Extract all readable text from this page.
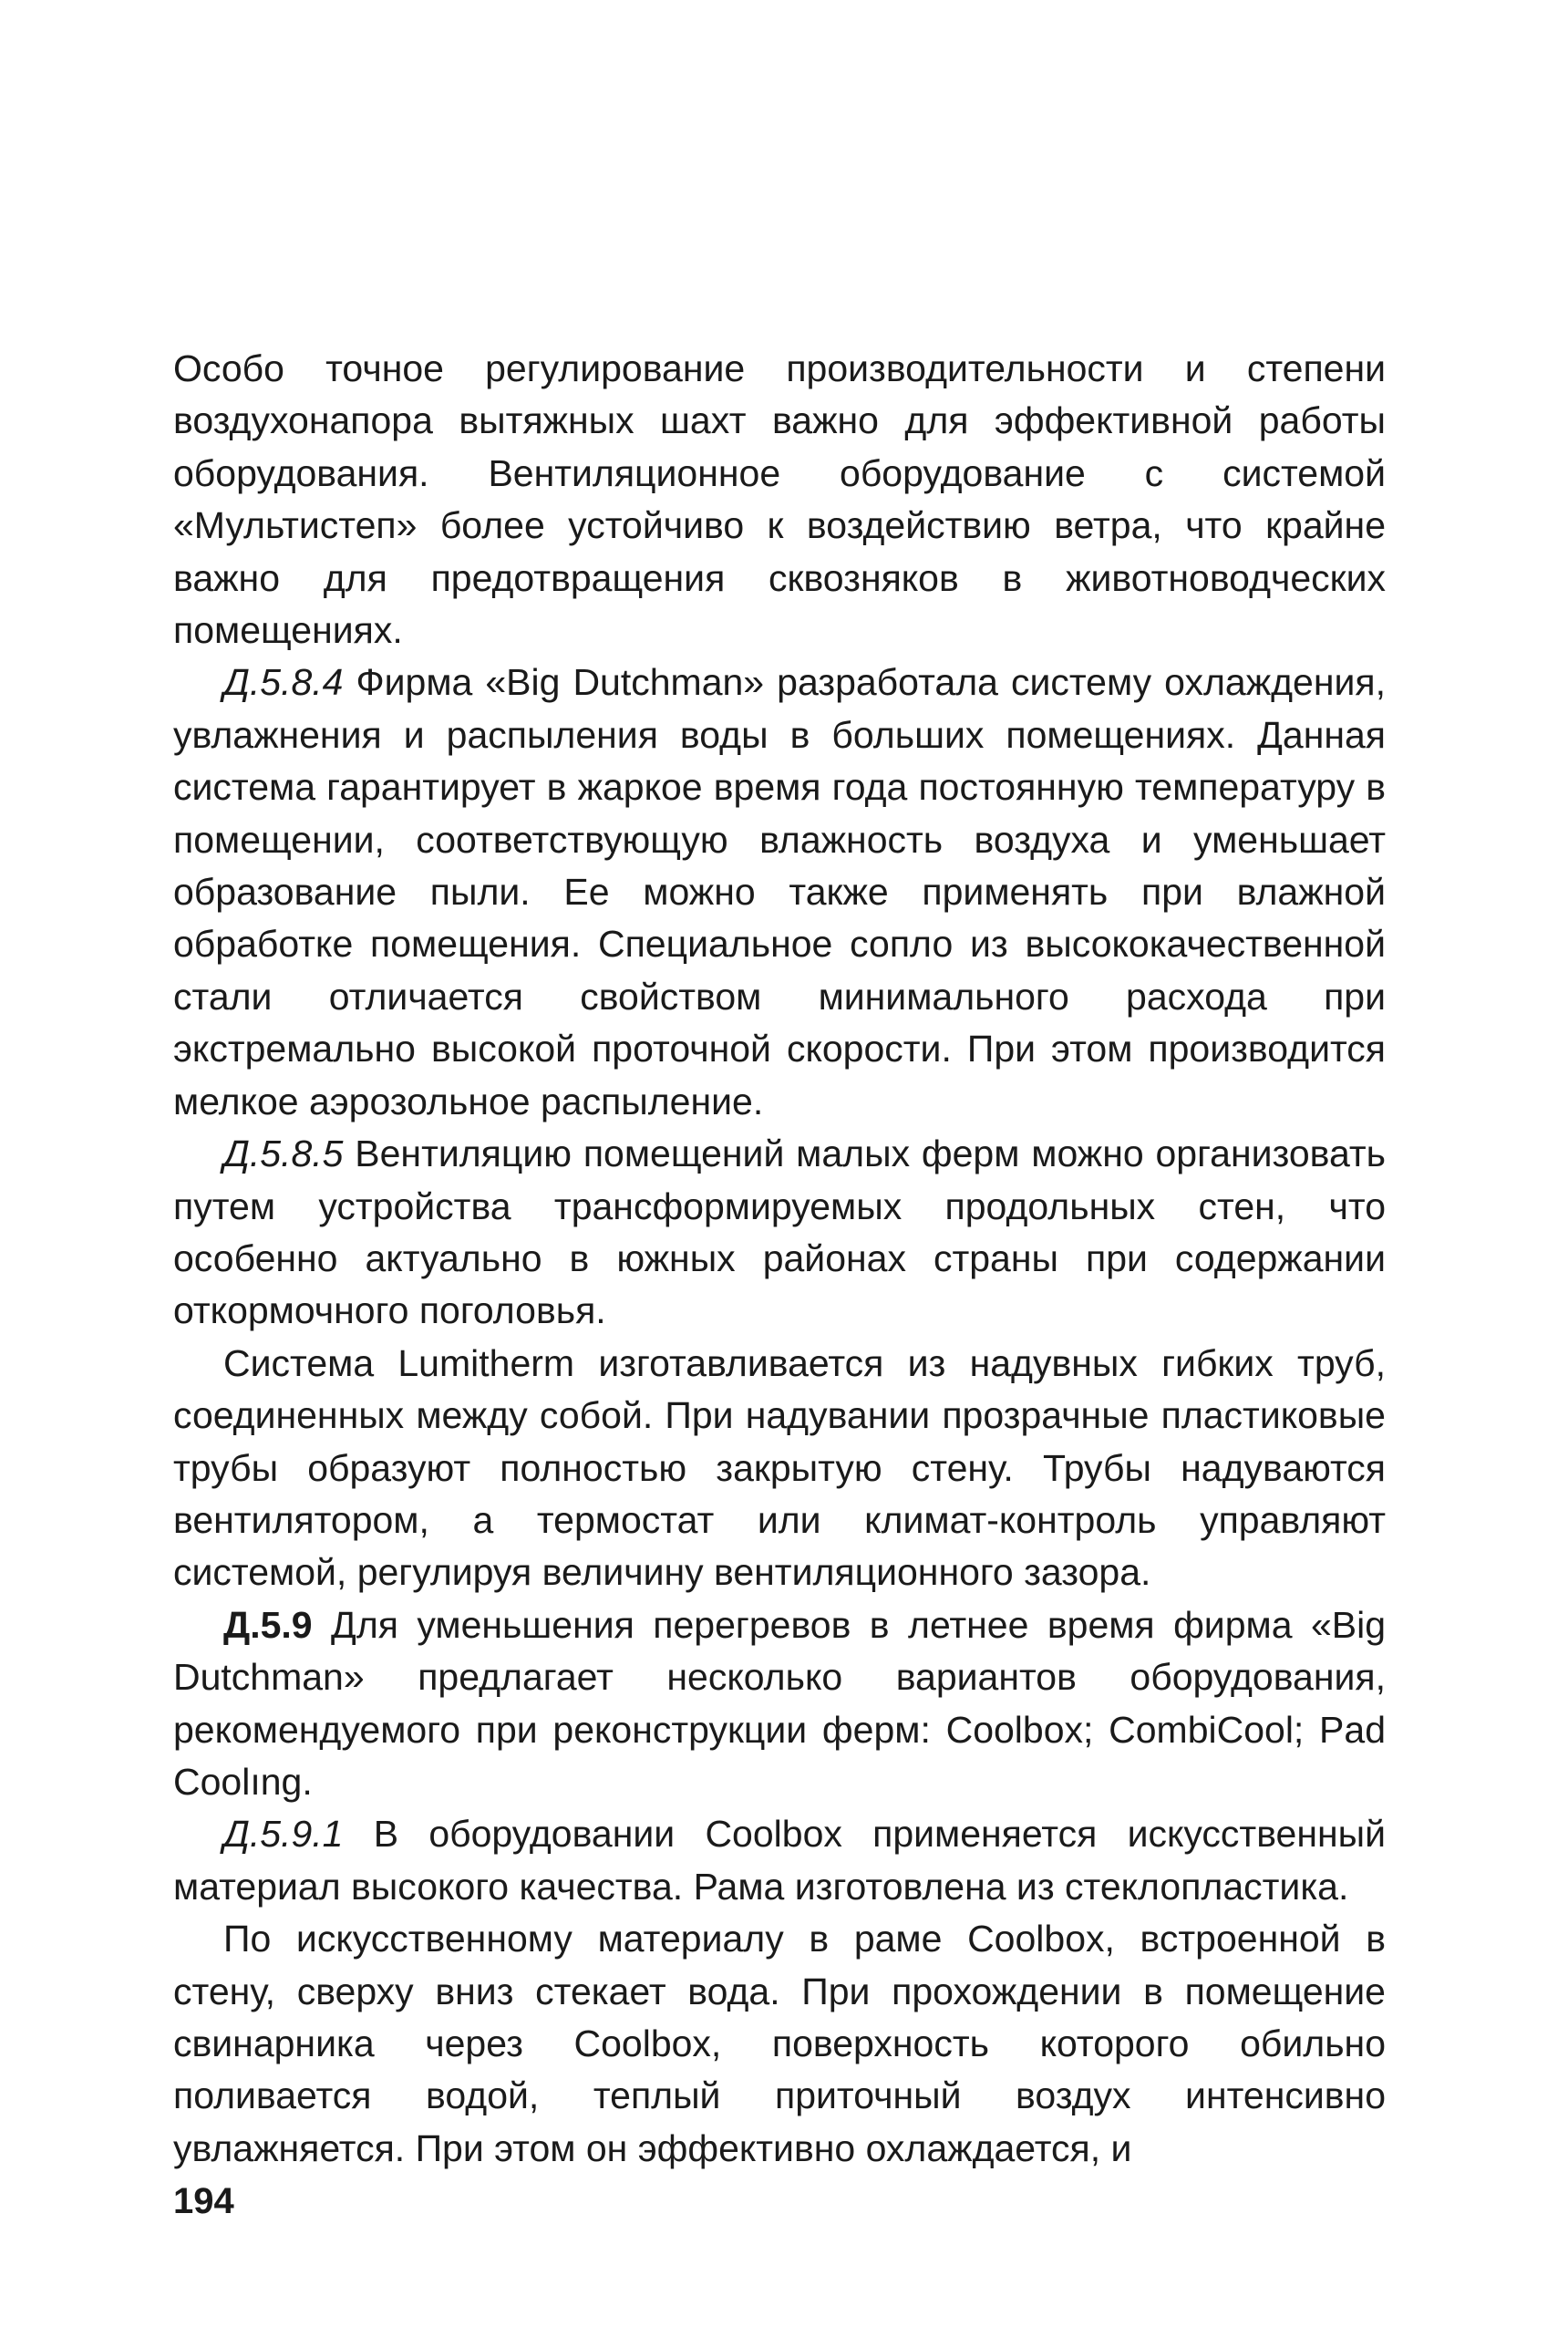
Особо точное регулирование производительности и степени воздухонапора вытяжных шахт важно для эффективной работы оборудования. Вентиляционное оборудование с системой «Мультистеп» более устойчиво к воздействию ветра, что крайне важно для предотвращения сквозняков в животноводческих помещениях.

Д.5.8.4 Фирма «Big Dutchman» разработала систему охлаждения, увлажнения и распыления воды в больших помещениях. Данная система гарантирует в жаркое время года постоянную температуру в помещении, соответствующую влажность воздуха и уменьшает образование пыли. Ее можно также применять при влажной обработке помещения. Специальное сопло из высококачественной стали отличается свойством минимального расхода при экстремально высокой проточной скорости. При этом производится мелкое аэрозольное распыление.

Д.5.8.5 Вентиляцию помещений малых ферм можно организовать путем устройства трансформируемых продольных стен, что особенно актуально в южных районах страны при содержании откормочного поголовья.

Система Lumitherm изготавливается из надувных гибких труб, соединенных между собой. При надувании прозрачные пластиковые трубы образуют полностью закрытую стену. Трубы надуваются вентилятором, а термостат или климат-контроль управляют системой, регулируя величину вентиляционного зазора.

Д.5.9 Для уменьшения перегревов в летнее время фирма «Big Dutchman» предлагает несколько вариантов оборудования, рекомендуемого при реконструкции ферм: Coolbox; CombiCool; Pad Coolıng.

Д.5.9.1 В оборудовании Coolbox применяется искусственный материал высокого качества. Рама изготовлена из стеклопластика.

По искусственному материалу в раме Coolbox, встроенной в стену, сверху вниз стекает вода. При прохождении в помещение свинарника через Coolbox, поверхность которого обильно поливается водой, теплый приточный воздух интенсивно увлажняется. При этом он эффективно охлаждается, и

194
